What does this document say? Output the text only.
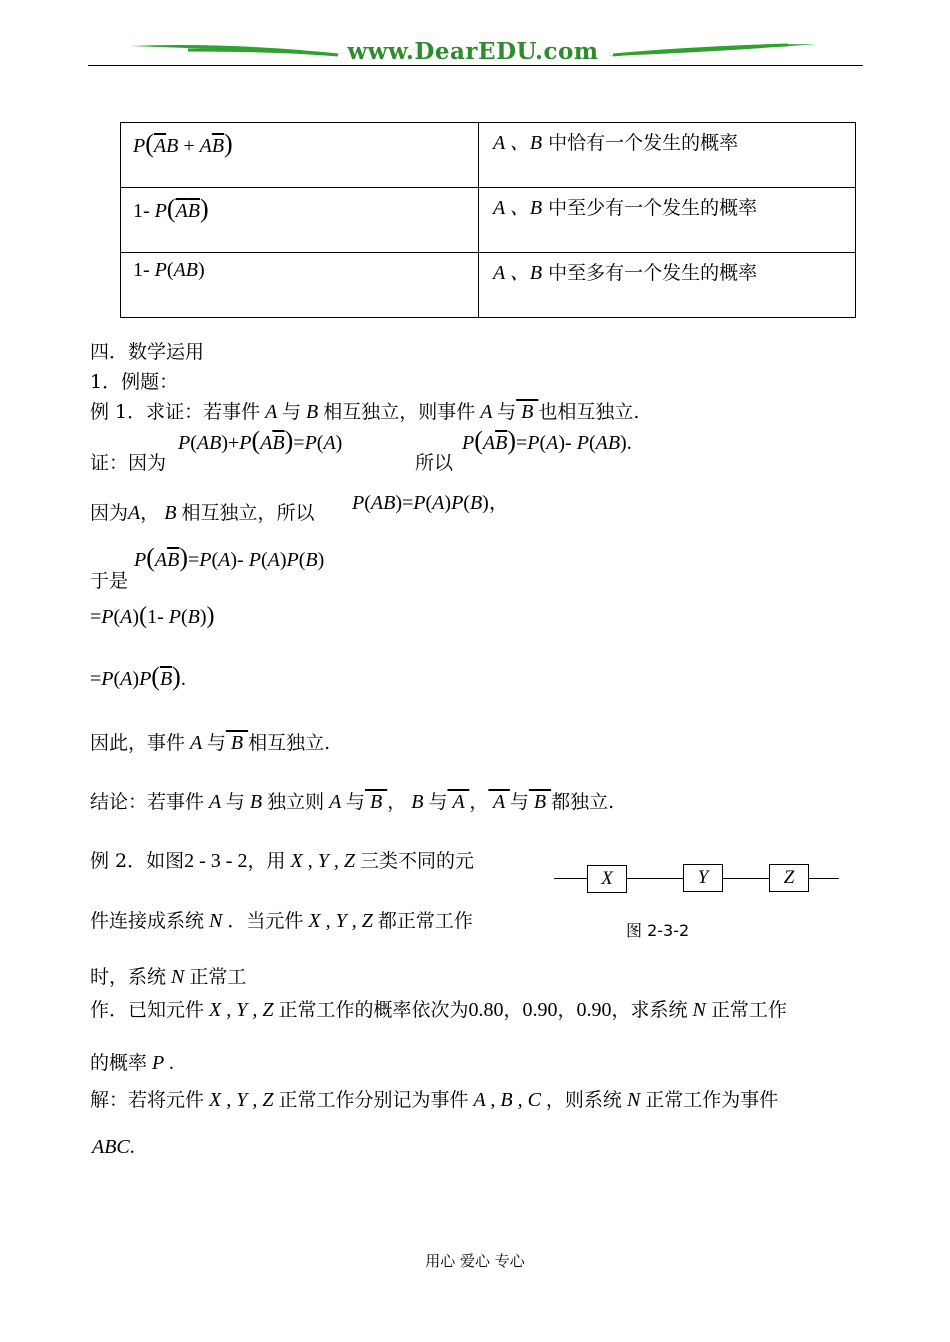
www.DearEDU.com
$P(\overline{A}B + A\overline{B})$	A 、B 中恰有一个发生的概率
1- $P(\overline{A}\overline{B})$	A 、B 中至少有一个发生的概率
1- P(AB)	A 、B 中至多有一个发生的概率
四．数学运用
1．例题：
例 1．求证：若事件 A 与 B 相互独立，则事件 A 与 B 也相互独立.
证：因为
$P(AB)+P(A\overline{B})=P(A)$
所以
$P(A\overline{B})=P(A)-$ P(AB).
因为A， B 相互独立，所以 P(AB)=P(A)P(B)，
于是
$P(A\overline{B})=P(A)-$ P(A)P(B)
=P(A)(1- P(B))
$=P(A)P(\overline{B})$.
因此，事件 A 与 B 相互独立.
结论：若事件 A 与 B 独立则 A 与 B ， B 与 A ， A 与 B 都独立.
例 2．如图2 - 3 - 2，用 X , Y , Z 三类不同的元
件连接成系统 N ．当元件 X , Y , Z 都正常工作
时，系统 N 正常工
作．已知元件 X , Y , Z 正常工作的概率依次为0.80，0.90，0.90，求系统 N 正常工作
的概率 P .
X	Y	Z
图 2-3-2
解：若将元件 X , Y , Z 正常工作分别记为事件 A , B , C ，则系统 N 正常工作为事件
ABC.
用心 爱心 专心
